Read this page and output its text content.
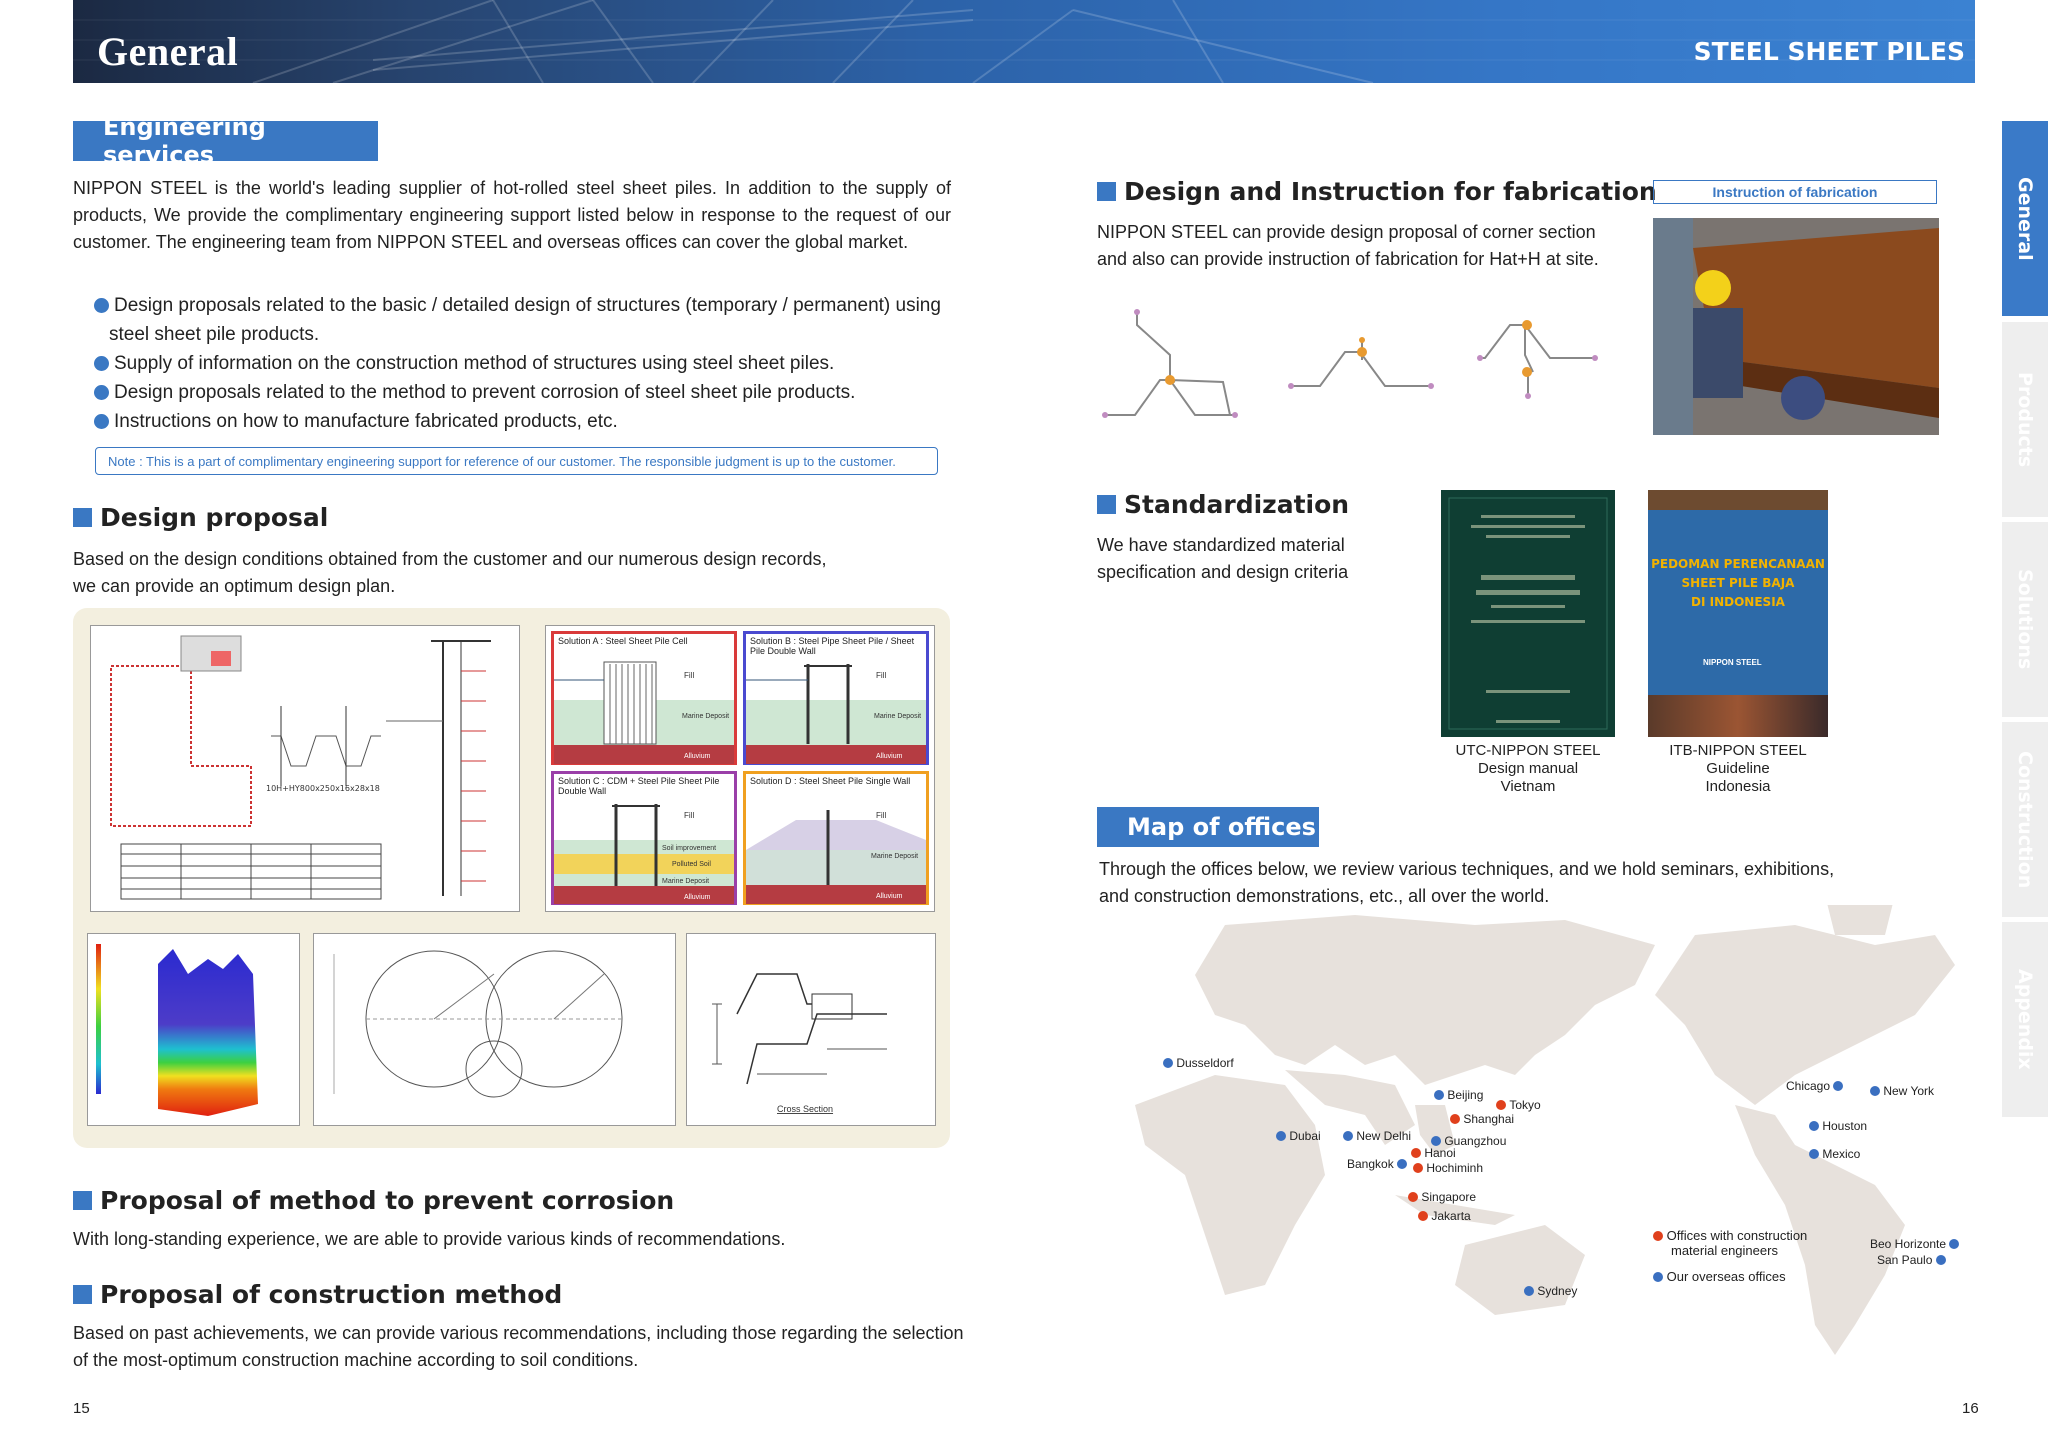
General	STEEL SHEET PILES
General
Products
Solutions
Construction
Appendix
Engineering services
NIPPON STEEL is the world's leading supplier of hot-rolled steel sheet piles. In addition to the supply of products, We provide the complimentary engineering support listed below in response to the request of our customer. The engineering team from NIPPON STEEL and overseas offices can cover the global market.
Design proposals related to the basic / detailed design of structures (temporary / permanent) using
steel sheet pile products.
Supply of information on the construction method of structures using steel sheet piles.
Design proposals related to the method to prevent corrosion of steel sheet pile products.
Instructions on how to manufacture fabricated products, etc.
Note : This is a part of complimentary engineering support for reference of our customer. The responsible judgment is up to the customer.
Design proposal
Based on the design conditions obtained from the customer and our numerous design records,
we can provide an optimum design plan.
10H+HY800x250x16x28x18
Solution A : Steel Sheet Pile Cell
Fill
Marine Deposit
Alluvium
Solution B : Steel Pipe Sheet Pile / Sheet Pile Double Wall
Fill
Marine Deposit
Alluvium
Solution C : CDM + Steel Pile Sheet Pile Double Wall
Fill
Soil improvement
Polluted Soil
Marine Deposit
Alluvium
Solution D : Steel Sheet Pile Single Wall
Fill
Marine Deposit
Alluvium
Cross Section
Proposal of method to prevent corrosion
With long-standing experience, we are able to provide various kinds of recommendations.
Proposal of construction method
Based on past achievements, we can provide various recommendations, including those regarding the selection
of the most-optimum construction machine according to soil conditions.
15
Design and Instruction for fabrication
NIPPON STEEL can provide design proposal of corner section
and also can provide instruction of fabrication for Hat+H at site.
Instruction of fabrication
Standardization
We have standardized material
specification and design criteria
UTC-NIPPON STEEL
Design manual
Vietnam
PEDOMAN PERENCANAAN
SHEET PILE BAJA
DI INDONESIA
NIPPON STEEL
ITB-NIPPON STEEL
Guideline
Indonesia
Map of offices
Through the offices below, we review various techniques, and we hold seminars, exhibitions,
and construction demonstrations, etc., all over the world.

Dusseldorf

Beijing

Tokyo

Shanghai

Dubai
	New Delhi
	Guangzhou

Hanoi
Bangkok

	Hochiminh

Singapore

Jakarta

Sydney
Chicago

	New York

Houston

Mexico
Beo Horizonte

San Paulo

Offices with construction
material engineers

Our overseas offices
16
